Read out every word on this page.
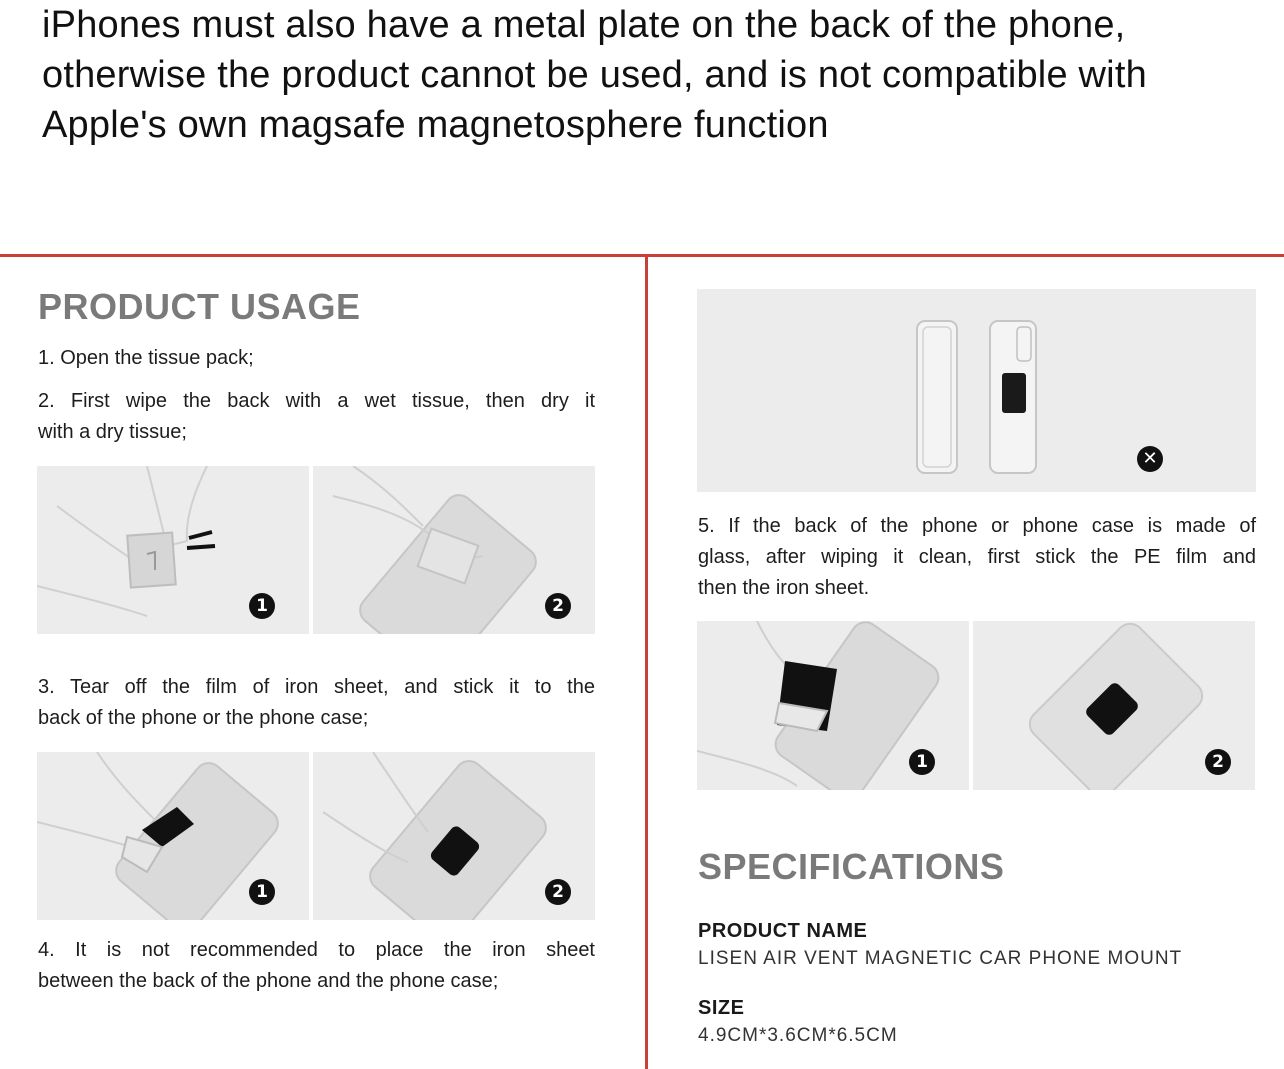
iPhones must also have a metal plate on the back of the phone,
otherwise the product cannot be used, and is not compatible with
Apple's own magsafe magnetosphere function
PRODUCT USAGE
1. Open the tissue pack;
2. First wipe the back with a wet tissue, then dry it
with a dry tissue;
1	2
3. Tear off the film of iron sheet, and stick it to the
back of the phone or the phone case;
1	2
4. It is not recommended to place the iron sheet
between the back of the phone and the phone case;
✕
5. If the back of the phone or phone case is made of
glass, after wiping it clean, first stick the PE film and
then the iron sheet.
1	2
SPECIFICATIONS
PRODUCT NAME
LISEN AIR VENT MAGNETIC CAR PHONE MOUNT
SIZE
4.9CM*3.6CM*6.5CM
